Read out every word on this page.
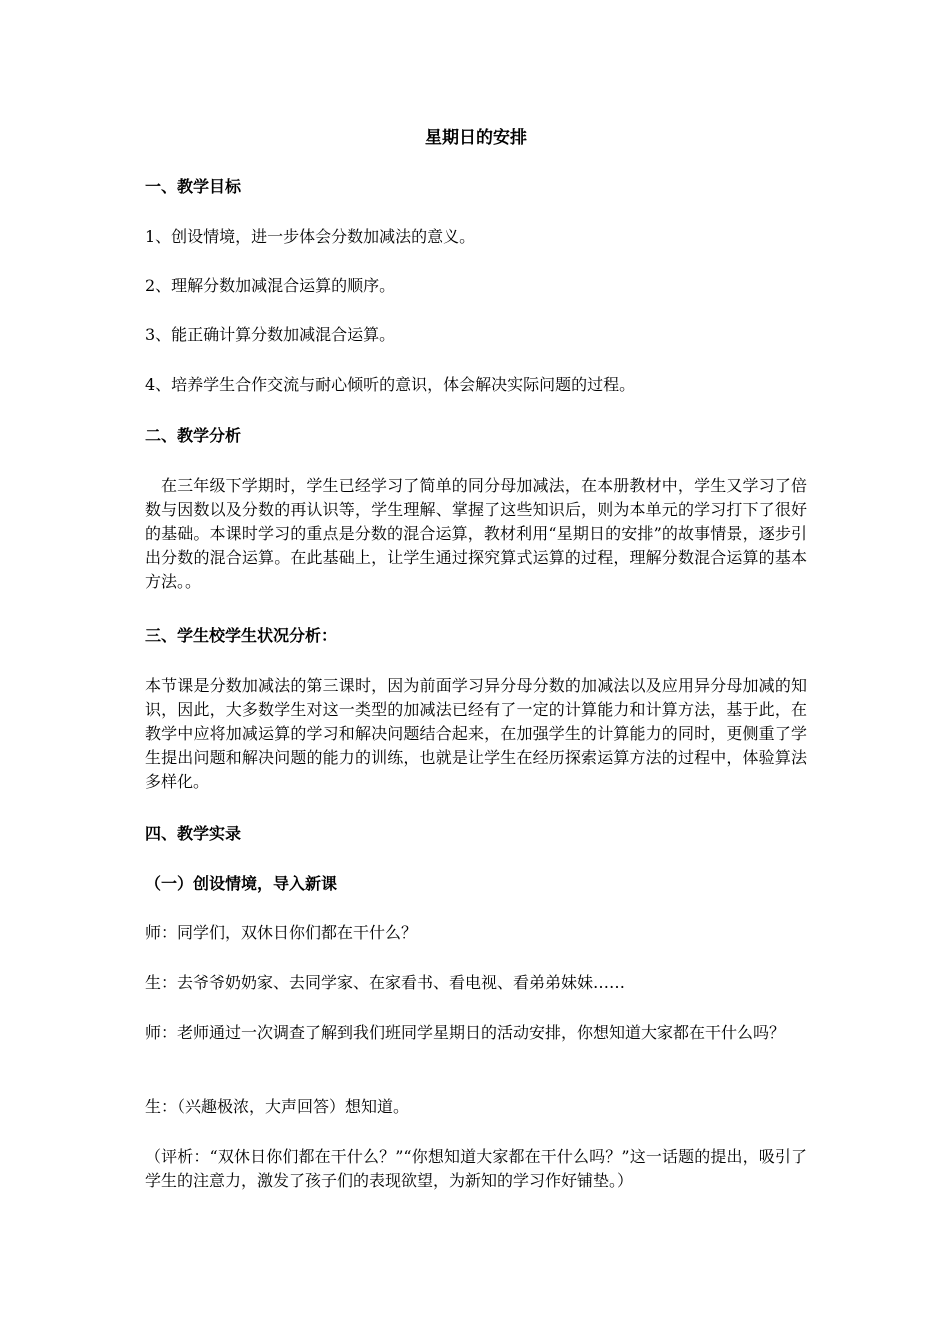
星期日的安排

一、教学目标

1、创设情境，进一步体会分数加减法的意义。

2、理解分数加减混合运算的顺序。

3、能正确计算分数加减混合运算。

4、培养学生合作交流与耐心倾听的意识，体会解决实际问题的过程。

二、教学分析

在三年级下学期时，学生已经学习了简单的同分母加减法，在本册教材中，学生又学习了倍数与因数以及分数的再认识等，学生理解、掌握了这些知识后，则为本单元的学习打下了很好的基础。本课时学习的重点是分数的混合运算，教材利用“星期日的安排”的故事情景，逐步引出分数的混合运算。在此基础上，让学生通过探究算式运算的过程，理解分数混合运算的基本方法。。

三、学生校学生状况分析：

本节课是分数加减法的第三课时，因为前面学习异分母分数的加减法以及应用异分母加减的知识，因此，大多数学生对这一类型的加减法已经有了一定的计算能力和计算方法，基于此，在教学中应将加减运算的学习和解决问题结合起来，在加强学生的计算能力的同时，更侧重了学生提出问题和解决问题的能力的训练，也就是让学生在经历探索运算方法的过程中，体验算法多样化。

四、教学实录

（一）创设情境，导入新课

师：同学们，双休日你们都在干什么？

生：去爷爷奶奶家、去同学家、在家看书、看电视、看弟弟妹妹……

师：老师通过一次调查了解到我们班同学星期日的活动安排，你想知道大家都在干什么吗？

生：（兴趣极浓，大声回答）想知道。

（评析：“双休日你们都在干什么？”“你想知道大家都在干什么吗？”这一话题的提出，吸引了学生的注意力，激发了孩子们的表现欲望，为新知的学习作好铺垫。）
